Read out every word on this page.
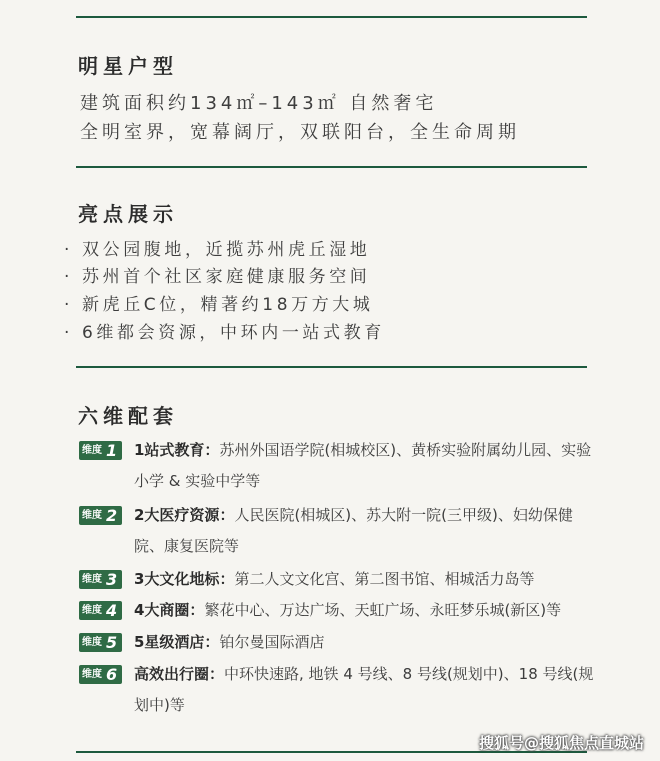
明星户型
建筑面积约134㎡–143㎡ 自然奢宅
全明室界，宽幕阔厅，双联阳台，全生命周期
亮点展示
· 双公园腹地，近揽苏州虎丘湿地
· 苏州首个社区家庭健康服务空间
· 新虎丘C位，精著约18万方大城
· 6维都会资源，中环内一站式教育
六维配套
维度 1	1站式教育：苏州外国语学院(相城校区)、黄桥实验附属幼儿园、实验小学 & 实验中学等
维度 2	2大医疗资源：人民医院(相城区)、苏大附一院(三甲级)、妇幼保健院、康复医院等
维度 3	3大文化地标：第二人文文化宫、第二图书馆、相城活力岛等
维度 4	4大商圈：繁花中心、万达广场、天虹广场、永旺梦乐城(新区)等
维度 5	5星级酒店：铂尔曼国际酒店
维度 6	高效出行圈：中环快速路, 地铁 4 号线、8 号线(规划中)、18 号线(规划中)等
搜狐号@搜狐焦点直城站
